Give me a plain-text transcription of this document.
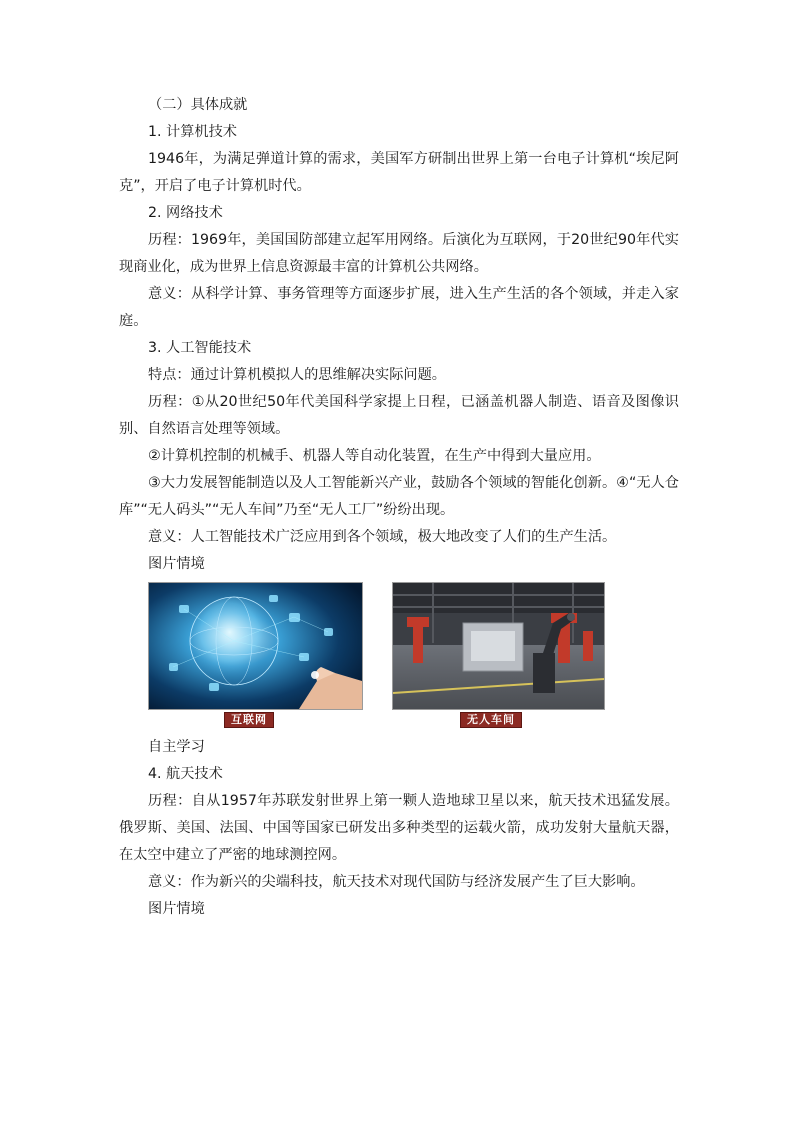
（二）具体成就

1. 计算机技术

1946年，为满足弹道计算的需求，美国军方研制出世界上第一台电子计算机“埃尼阿克”，开启了电子计算机时代。

2. 网络技术

历程：1969年，美国国防部建立起军用网络。后演化为互联网，于20世纪90年代实现商业化，成为世界上信息资源最丰富的计算机公共网络。

意义：从科学计算、事务管理等方面逐步扩展，进入生产生活的各个领域，并走入家庭。

3. 人工智能技术

特点：通过计算机模拟人的思维解决实际问题。

历程：①从20世纪50年代美国科学家提上日程，已涵盖机器人制造、语音及图像识别、自然语言处理等领域。

②计算机控制的机械手、机器人等自动化装置，在生产中得到大量应用。

③大力发展智能制造以及人工智能新兴产业，鼓励各个领域的智能化创新。④“无人仓库”“无人码头”“无人车间”乃至“无人工厂”纷纷出现。

意义：人工智能技术广泛应用到各个领域，极大地改变了人们的生产生活。

图片情境

互联网	无人车间

自主学习

4. 航天技术

历程：自从1957年苏联发射世界上第一颗人造地球卫星以来，航天技术迅猛发展。俄罗斯、美国、法国、中国等国家已研发出多种类型的运载火箭，成功发射大量航天器，在太空中建立了严密的地球测控网。

意义：作为新兴的尖端科技，航天技术对现代国防与经济发展产生了巨大影响。

图片情境
